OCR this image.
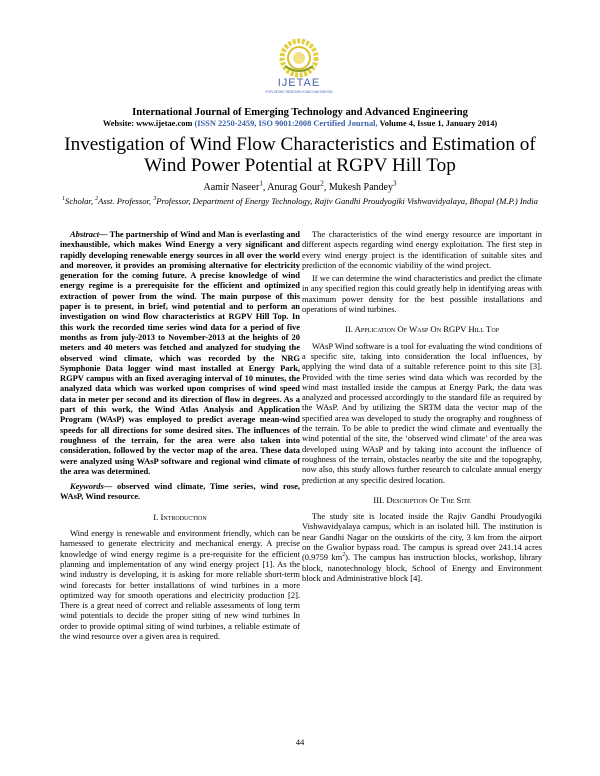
IJETAE
EXPLORING RESEARCH AND INNOVATION
International Journal of Emerging Technology and Advanced Engineering
Website: www.ijetae.com (ISSN 2250-2459, ISO 9001:2008 Certified Journal, Volume 4, Issue 1, January 2014)
Investigation of Wind Flow Characteristics and Estimation of
Wind Power Potential at RGPV Hill Top
Aamir Naseer$^1$, Anurag Gour$^2$, Mukesh Pandey$^3$
$^1$Scholar, $^2$Asst. Professor, $^3$Professor, Department of Energy Technology, Rajiv Gandhi Proudyogiki Vishwavidyalaya, Bhopal (M.P.) India

Abstract— The partnership of Wind and Man is everlasting and inexhaustible, which makes Wind Energy a very significant and rapidly developing renewable energy sources in all over the world and moreover, it provides an promising alternative for electricity generation for the coming future. A precise knowledge of wind energy regime is a prerequisite for the efficient and optimized extraction of power from the wind. The main purpose of this paper is to present, in brief, wind potential and to perform an investigation on wind flow characteristics at RGPV Hill Top. In this work the recorded time series wind data for a period of five months as from july-2013 to November-2013 at the heights of 20 meters and 40 meters was fetched and analyzed for studying the observed wind climate, which was recorded by the NRG Symphonie Data logger wind mast installed at Energy Park, RGPV campus with an fixed averaging interval of 10 minutes, the analyzed data which was worked upon comprises of wind speed data in meter per second and its direction of flow in degrees. As a part of this work, the Wind Atlas Analysis and Application Program (WAsP) was employed to predict average mean-wind speeds for all directions for some desired sites. The influences of roughness of the terrain, for the area were also taken into consideration, followed by the vector map of the area. These data were analyzed using WAsP software and regional wind climate of the area was determined.

Keywords— observed wind climate, Time series, wind rose, WAsP, Wind resource.

I. Introduction

Wind energy is renewable and environment friendly, which can be harnessed to generate electricity and mechanical energy. A precise knowledge of wind energy regime is a pre-requisite for the efficient planning and implementation of any wind energy project [1]. As the wind industry is developing, it is asking for more reliable short-term wind forecasts for better installations of wind turbines in a more optimized way for smooth operations and electricity production [2]. There is a great need of correct and reliable assessments of long term wind potentials to decide the proper siting of new wind turbines In order to provide optimal siting of wind turbines, a reliable estimate of the wind resource over a given area is required.

The characteristics of the wind energy resource are important in different aspects regarding wind energy exploitation. The first step in every wind energy project is the identification of suitable sites and prediction of the economic viability of the wind project.

If we can determine the wind characteristics and predict the climate in any specified region this could greatly help in identifying areas with maximum power density for the best possible installations and operations of wind turbines.

II. Application Of Wasp On RGPV Hill Top

WAsP Wind software is a tool for evaluating the wind conditions of a specific site, taking into consideration the local influences, by applying the wind data of a suitable reference point to this site [3]. Provided with the time series wind data which was recorded by the wind mast installed inside the campus at Energy Park, the data was analyzed and processed accordingly to the standard file as required by the WAsP. And by utilizing the SRTM data the vector map of the specified area was developed to study the orography and roughness of the terrain. To be able to predict the wind climate and eventually the wind potential of the site, the ‘observed wind climate’ of the area was developed using WAsP and by taking into account the influence of roughness of the terrain, obstacles nearby the site and the topography, now also, this study allows further research to calculate annual energy prediction at any specific desired location.

III. Description Of The Site

The study site is located inside the Rajiv Gandhi Proudyogiki Vishwavidyalaya campus, which is an isolated hill. The institution is near Gandhi Nagar on the outskirts of the city, 3 km from the airport on the Gwalior bypass road. The campus is spread over 241.14 acres (0.9759 $km^2$). The campus has instruction blocks, workshop, library block, nanotechnology block, School of Energy and Environment block and Administrative block [4].

44
